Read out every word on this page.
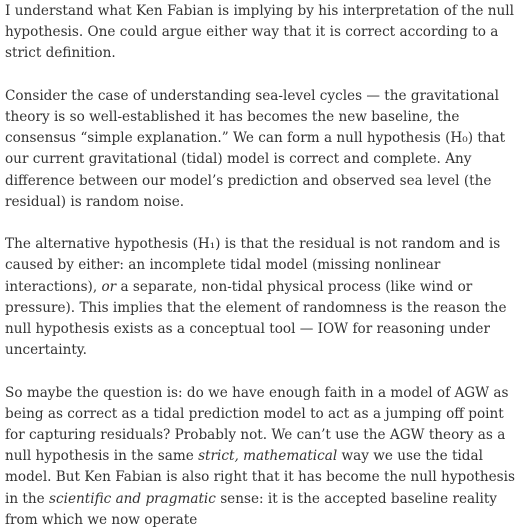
I understand what Ken Fabian is implying by his interpretation of the null hypothesis. One could argue either way that it is correct according to a strict definition.

Consider the case of understanding sea-level cycles — the gravitational theory is so well-established it has becomes the new baseline, the consensus “simple explanation.” We can form a null hypothesis (H₀) that our current gravitational (tidal) model is correct and complete. Any difference between our model’s prediction and observed sea level (the residual) is random noise.

The alternative hypothesis (H₁) is that the residual is not random and is caused by either: an incomplete tidal model (missing nonlinear interactions), or a separate, non-tidal physical process (like wind or pressure). This implies that the element of randomness is the reason the null hypothesis exists as a conceptual tool — IOW for reasoning under uncertainty.

So maybe the question is: do we have enough faith in a model of AGW as being as correct as a tidal prediction model to act as a jumping off point for capturing residuals? Probably not. We can’t use the AGW theory as a null hypothesis in the same strict, mathematical way we use the tidal model. But Ken Fabian is also right that it has become the null hypothesis in the scientific and pragmatic sense: it is the accepted baseline reality from which we now operate
